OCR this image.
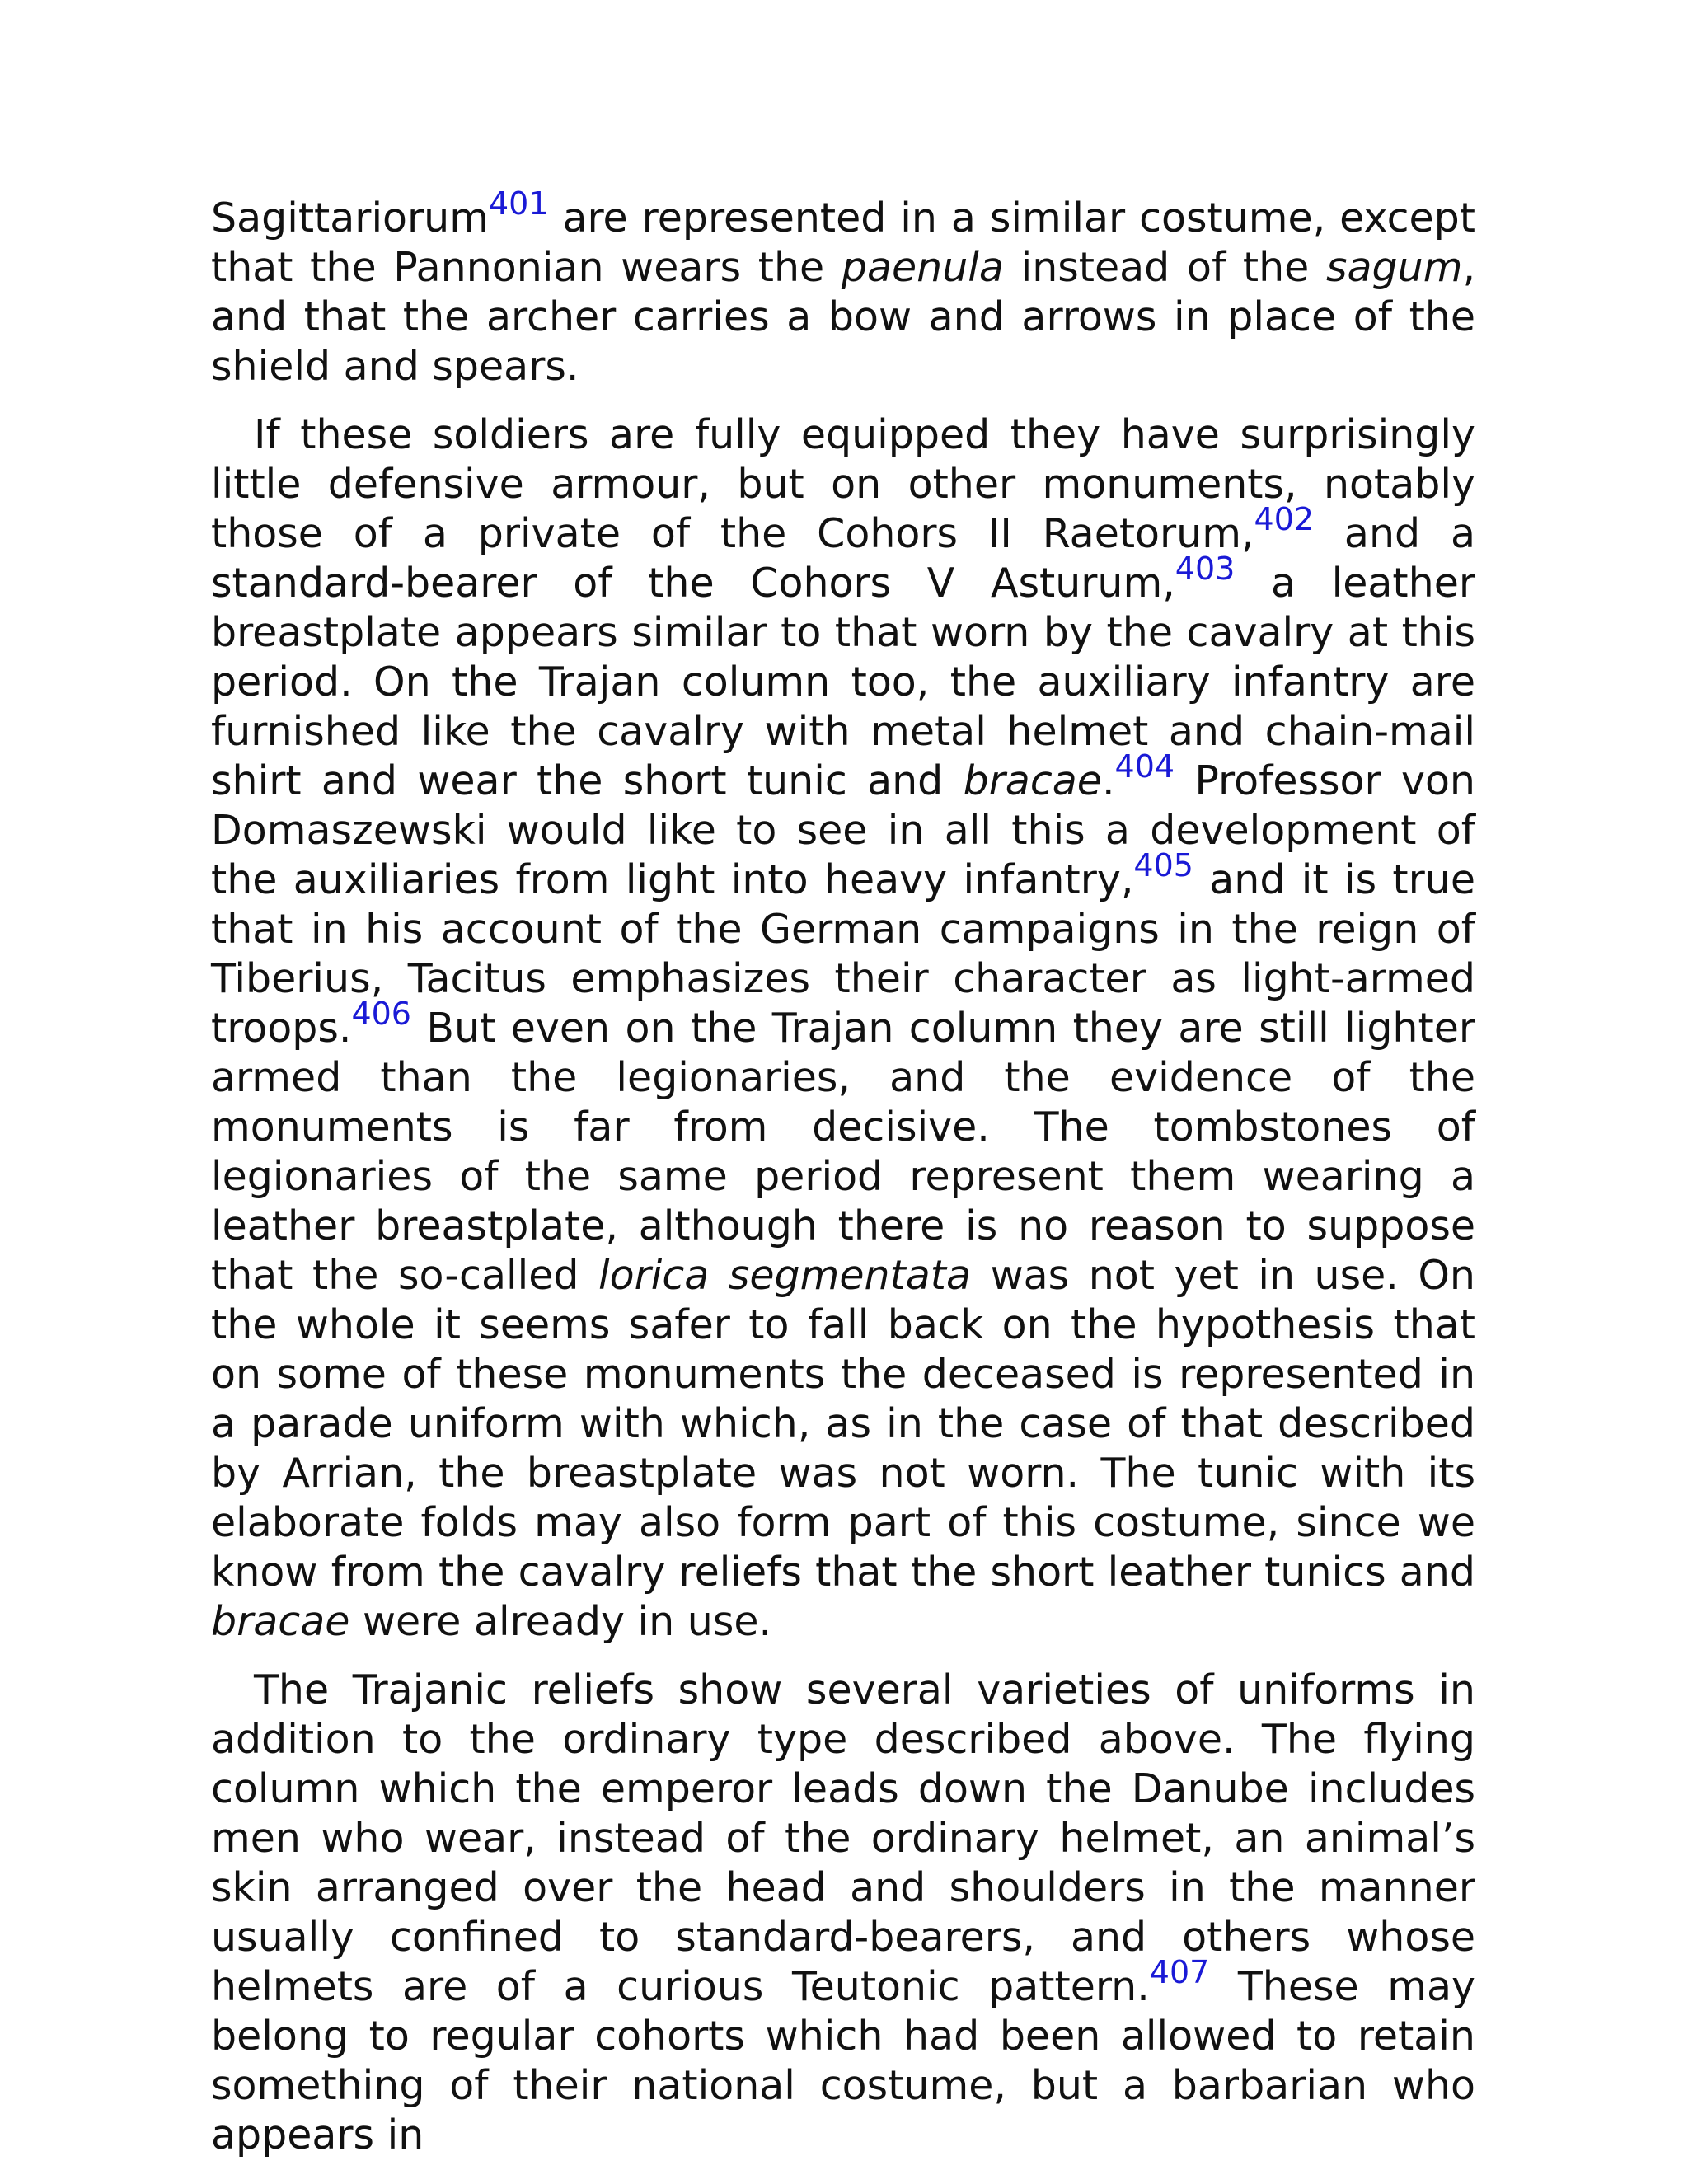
Sagittariorum$^{401}$ are represented in a similar costume, except that the Pannonian wears the paenula instead of the sagum, and that the archer carries a bow and arrows in place of the shield and spears.

If these soldiers are fully equipped they have surprisingly little defensive armour, but on other monuments, notably those of a private of the Cohors II Raetorum,$^{402}$ and a standard-bearer of the Cohors V Asturum,$^{403}$ a leather breastplate appears similar to that worn by the cavalry at this period. On the Trajan column too, the auxiliary infantry are furnished like the cavalry with metal helmet and chain-mail shirt and wear the short tunic and bracae.$^{404}$ Professor von Domaszewski would like to see in all this a development of the auxiliaries from light into heavy infantry,$^{405}$ and it is true that in his account of the German campaigns in the reign of Tiberius, Tacitus emphasizes their character as light-armed troops.$^{406}$ But even on the Trajan column they are still lighter armed than the legionaries, and the evidence of the monuments is far from decisive. The tombstones of legionaries of the same period represent them wearing a leather breastplate, although there is no reason to suppose that the so-called lorica segmentata was not yet in use. On the whole it seems safer to fall back on the hypothesis that on some of these monuments the deceased is represented in a parade uniform with which, as in the case of that described by Arrian, the breastplate was not worn. The tunic with its elaborate folds may also form part of this costume, since we know from the cavalry reliefs that the short leather tunics and bracae were already in use.

The Trajanic reliefs show several varieties of uniforms in addition to the ordinary type described above. The flying column which the emperor leads down the Danube includes men who wear, instead of the ordinary helmet, an animal’s skin arranged over the head and shoulders in the manner usually confined to standard-bearers, and others whose helmets are of a curious Teutonic pattern.$^{407}$ These may belong to regular cohorts which had been allowed to retain something of their national costume, but a barbarian who appears in
